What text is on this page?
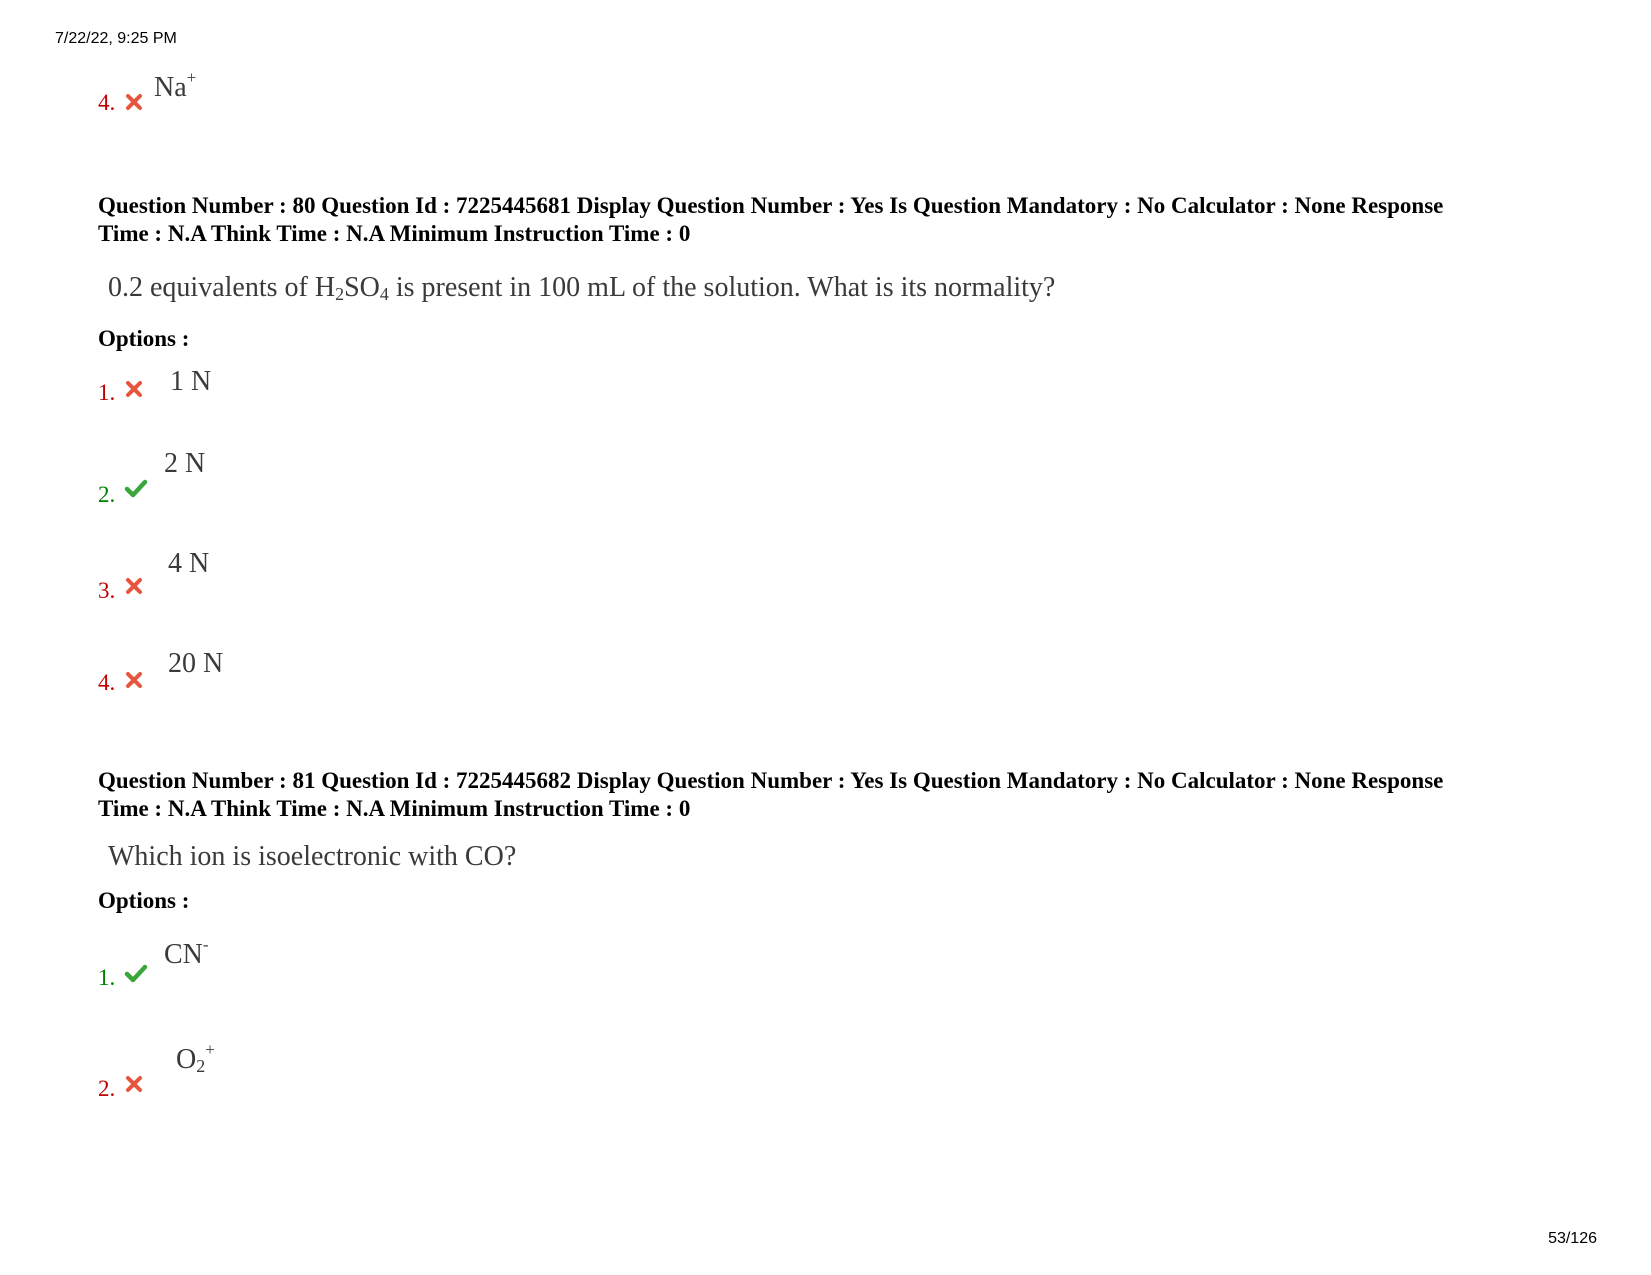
7/22/22, 9:25 PM
4. Na+
Question Number : 80 Question Id : 7225445681 Display Question Number : Yes Is Question Mandatory : No Calculator : None Response
Time : N.A Think Time : N.A Minimum Instruction Time : 0
0.2 equivalents of $H_2SO_4$ is present in 100 mL of the solution. What is its normality?
Options :
1. 1 N
2.
2 N
3.
4 N
4.
20 N
Question Number : 81 Question Id : 7225445682 Display Question Number : Yes Is Question Mandatory : No Calculator : None Response
Time : N.A Think Time : N.A Minimum Instruction Time : 0
Which ion is isoelectronic with CO?
Options :
1.
CN-
2.
$O_2^+$
53/126
